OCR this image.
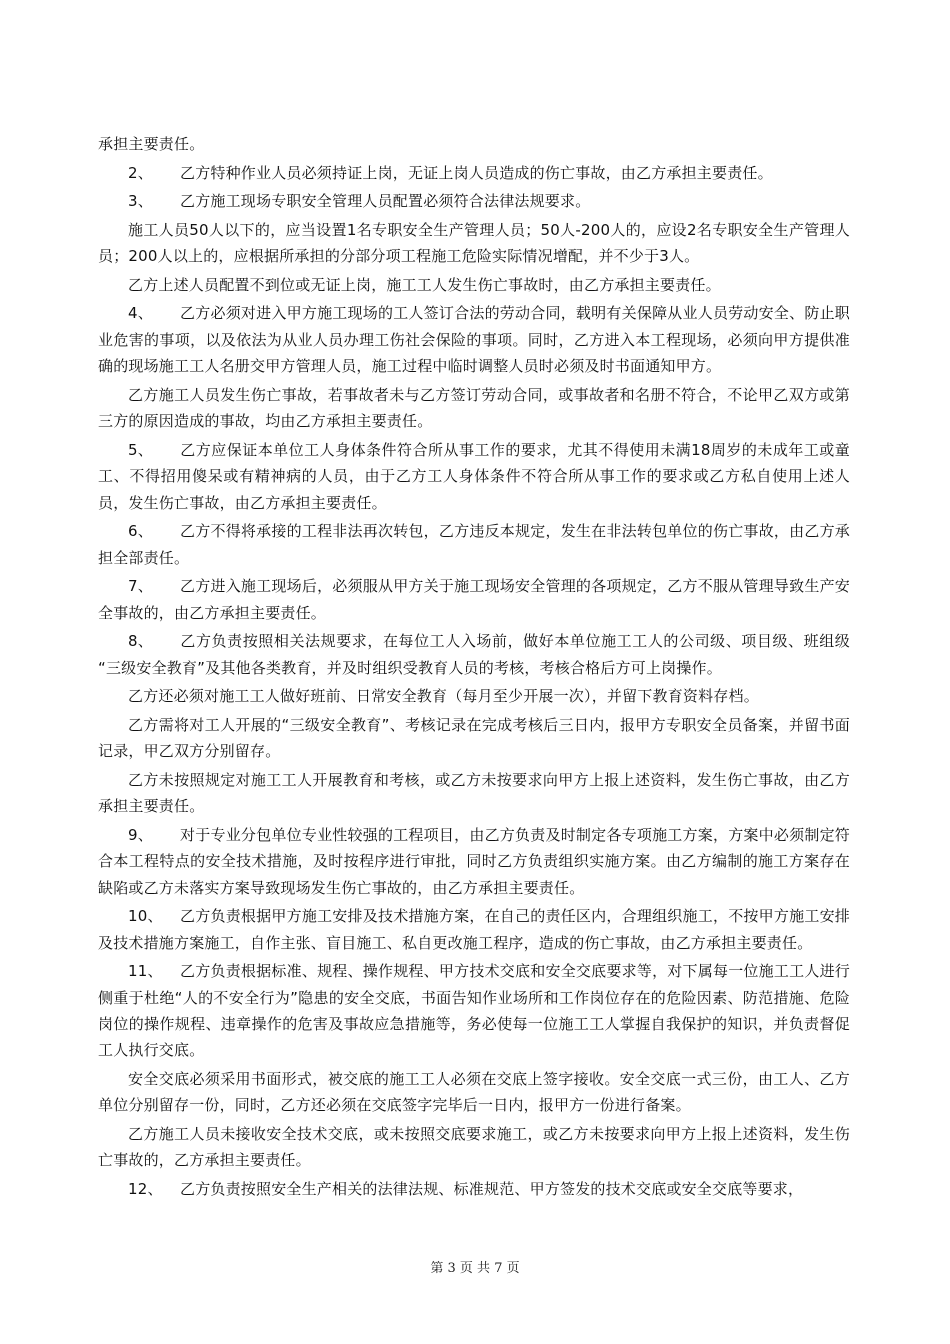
承担主要责任。

2、 乙方特种作业人员必须持证上岗，无证上岗人员造成的伤亡事故，由乙方承担主要责任。

3、 乙方施工现场专职安全管理人员配置必须符合法律法规要求。

施工人员50人以下的，应当设置1名专职安全生产管理人员；50人-200人的，应设2名专职安全生产管理人员；200人以上的，应根据所承担的分部分项工程施工危险实际情况增配，并不少于3人。

乙方上述人员配置不到位或无证上岗，施工工人发生伤亡事故时，由乙方承担主要责任。

4、 乙方必须对进入甲方施工现场的工人签订合法的劳动合同，载明有关保障从业人员劳动安全、防止职业危害的事项，以及依法为从业人员办理工伤社会保险的事项。同时，乙方进入本工程现场，必须向甲方提供准确的现场施工工人名册交甲方管理人员，施工过程中临时调整人员时必须及时书面通知甲方。

乙方施工人员发生伤亡事故，若事故者未与乙方签订劳动合同，或事故者和名册不符合，不论甲乙双方或第三方的原因造成的事故，均由乙方承担主要责任。

5、 乙方应保证本单位工人身体条件符合所从事工作的要求，尤其不得使用未满18周岁的未成年工或童工、不得招用傻呆或有精神病的人员，由于乙方工人身体条件不符合所从事工作的要求或乙方私自使用上述人员，发生伤亡事故，由乙方承担主要责任。

6、 乙方不得将承接的工程非法再次转包，乙方违反本规定，发生在非法转包单位的伤亡事故，由乙方承担全部责任。

7、 乙方进入施工现场后，必须服从甲方关于施工现场安全管理的各项规定，乙方不服从管理导致生产安全事故的，由乙方承担主要责任。

8、 乙方负责按照相关法规要求，在每位工人入场前，做好本单位施工工人的公司级、项目级、班组级 “三级安全教育”及其他各类教育，并及时组织受教育人员的考核，考核合格后方可上岗操作。

乙方还必须对施工工人做好班前、日常安全教育（每月至少开展一次），并留下教育资料存档。

乙方需将对工人开展的“三级安全教育”、考核记录在完成考核后三日内，报甲方专职安全员备案，并留书面记录，甲乙双方分别留存。

乙方未按照规定对施工工人开展教育和考核，或乙方未按要求向甲方上报上述资料，发生伤亡事故，由乙方承担主要责任。

9、 对于专业分包单位专业性较强的工程项目，由乙方负责及时制定各专项施工方案，方案中必须制定符合本工程特点的安全技术措施，及时按程序进行审批，同时乙方负责组织实施方案。由乙方编制的施工方案存在缺陷或乙方未落实方案导致现场发生伤亡事故的，由乙方承担主要责任。

10、 乙方负责根据甲方施工安排及技术措施方案，在自己的责任区内，合理组织施工，不按甲方施工安排及技术措施方案施工，自作主张、盲目施工、私自更改施工程序，造成的伤亡事故，由乙方承担主要责任。

11、 乙方负责根据标准、规程、操作规程、甲方技术交底和安全交底要求等，对下属每一位施工工人进行侧重于杜绝“人的不安全行为”隐患的安全交底，书面告知作业场所和工作岗位存在的危险因素、防范措施、危险岗位的操作规程、违章操作的危害及事故应急措施等，务必使每一位施工工人掌握自我保护的知识，并负责督促工人执行交底。

安全交底必须采用书面形式，被交底的施工工人必须在交底上签字接收。安全交底一式三份，由工人、乙方单位分别留存一份，同时，乙方还必须在交底签字完毕后一日内，报甲方一份进行备案。

乙方施工人员未接收安全技术交底，或未按照交底要求施工，或乙方未按要求向甲方上报上述资料，发生伤亡事故的，乙方承担主要责任。

12、 乙方负责按照安全生产相关的法律法规、标准规范、甲方签发的技术交底或安全交底等要求，

第 3 页 共 7 页
